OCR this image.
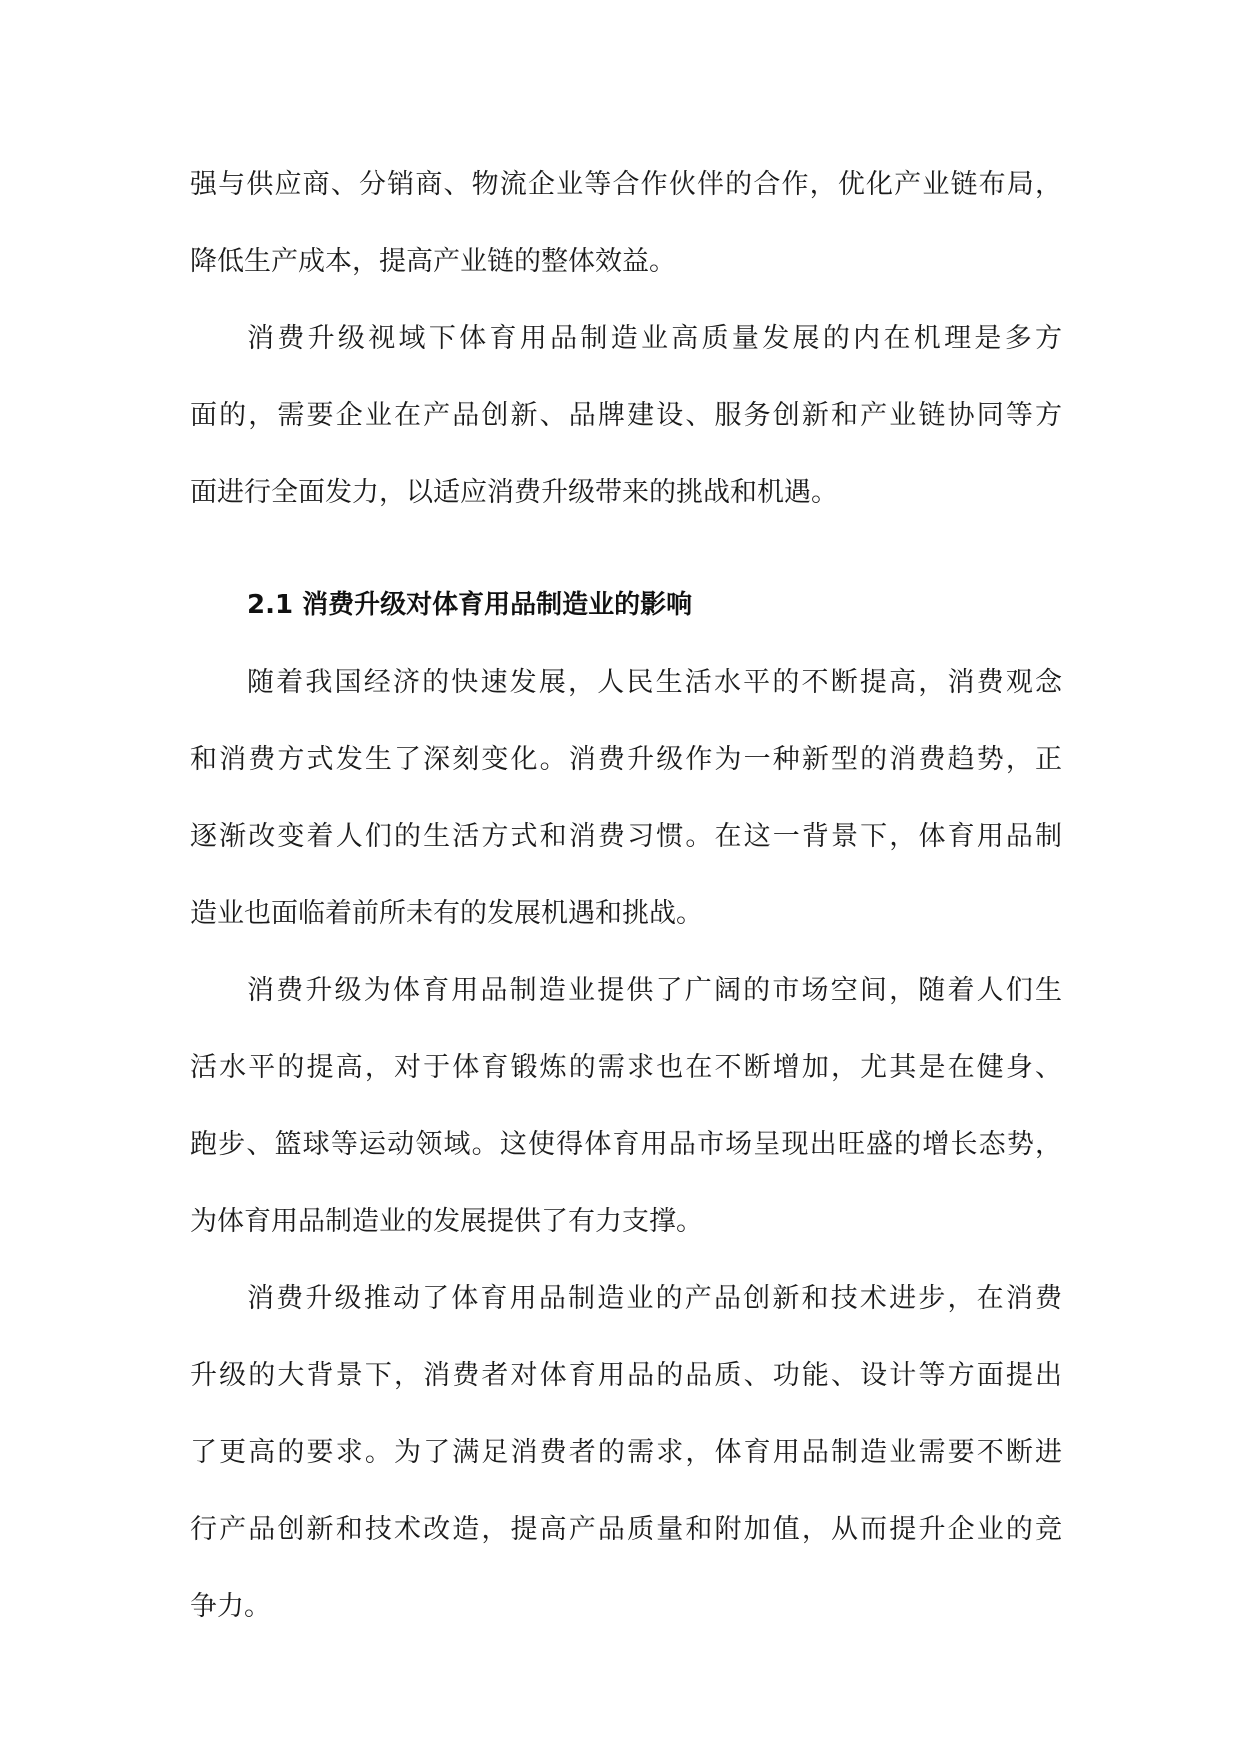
强与供应商、分销商、物流企业等合作伙伴的合作，优化产业链布局，
降低生产成本，提高产业链的整体效益。
消费升级视域下体育用品制造业高质量发展的内在机理是多方
面的，需要企业在产品创新、品牌建设、服务创新和产业链协同等方
面进行全面发力，以适应消费升级带来的挑战和机遇。
2.1 消费升级对体育用品制造业的影响
随着我国经济的快速发展，人民生活水平的不断提高，消费观念
和消费方式发生了深刻变化。消费升级作为一种新型的消费趋势，正
逐渐改变着人们的生活方式和消费习惯。在这一背景下，体育用品制
造业也面临着前所未有的发展机遇和挑战。
消费升级为体育用品制造业提供了广阔的市场空间，随着人们生
活水平的提高，对于体育锻炼的需求也在不断增加，尤其是在健身、
跑步、篮球等运动领域。这使得体育用品市场呈现出旺盛的增长态势，
为体育用品制造业的发展提供了有力支撑。
消费升级推动了体育用品制造业的产品创新和技术进步，在消费
升级的大背景下，消费者对体育用品的品质、功能、设计等方面提出
了更高的要求。为了满足消费者的需求，体育用品制造业需要不断进
行产品创新和技术改造，提高产品质量和附加值，从而提升企业的竞
争力。
